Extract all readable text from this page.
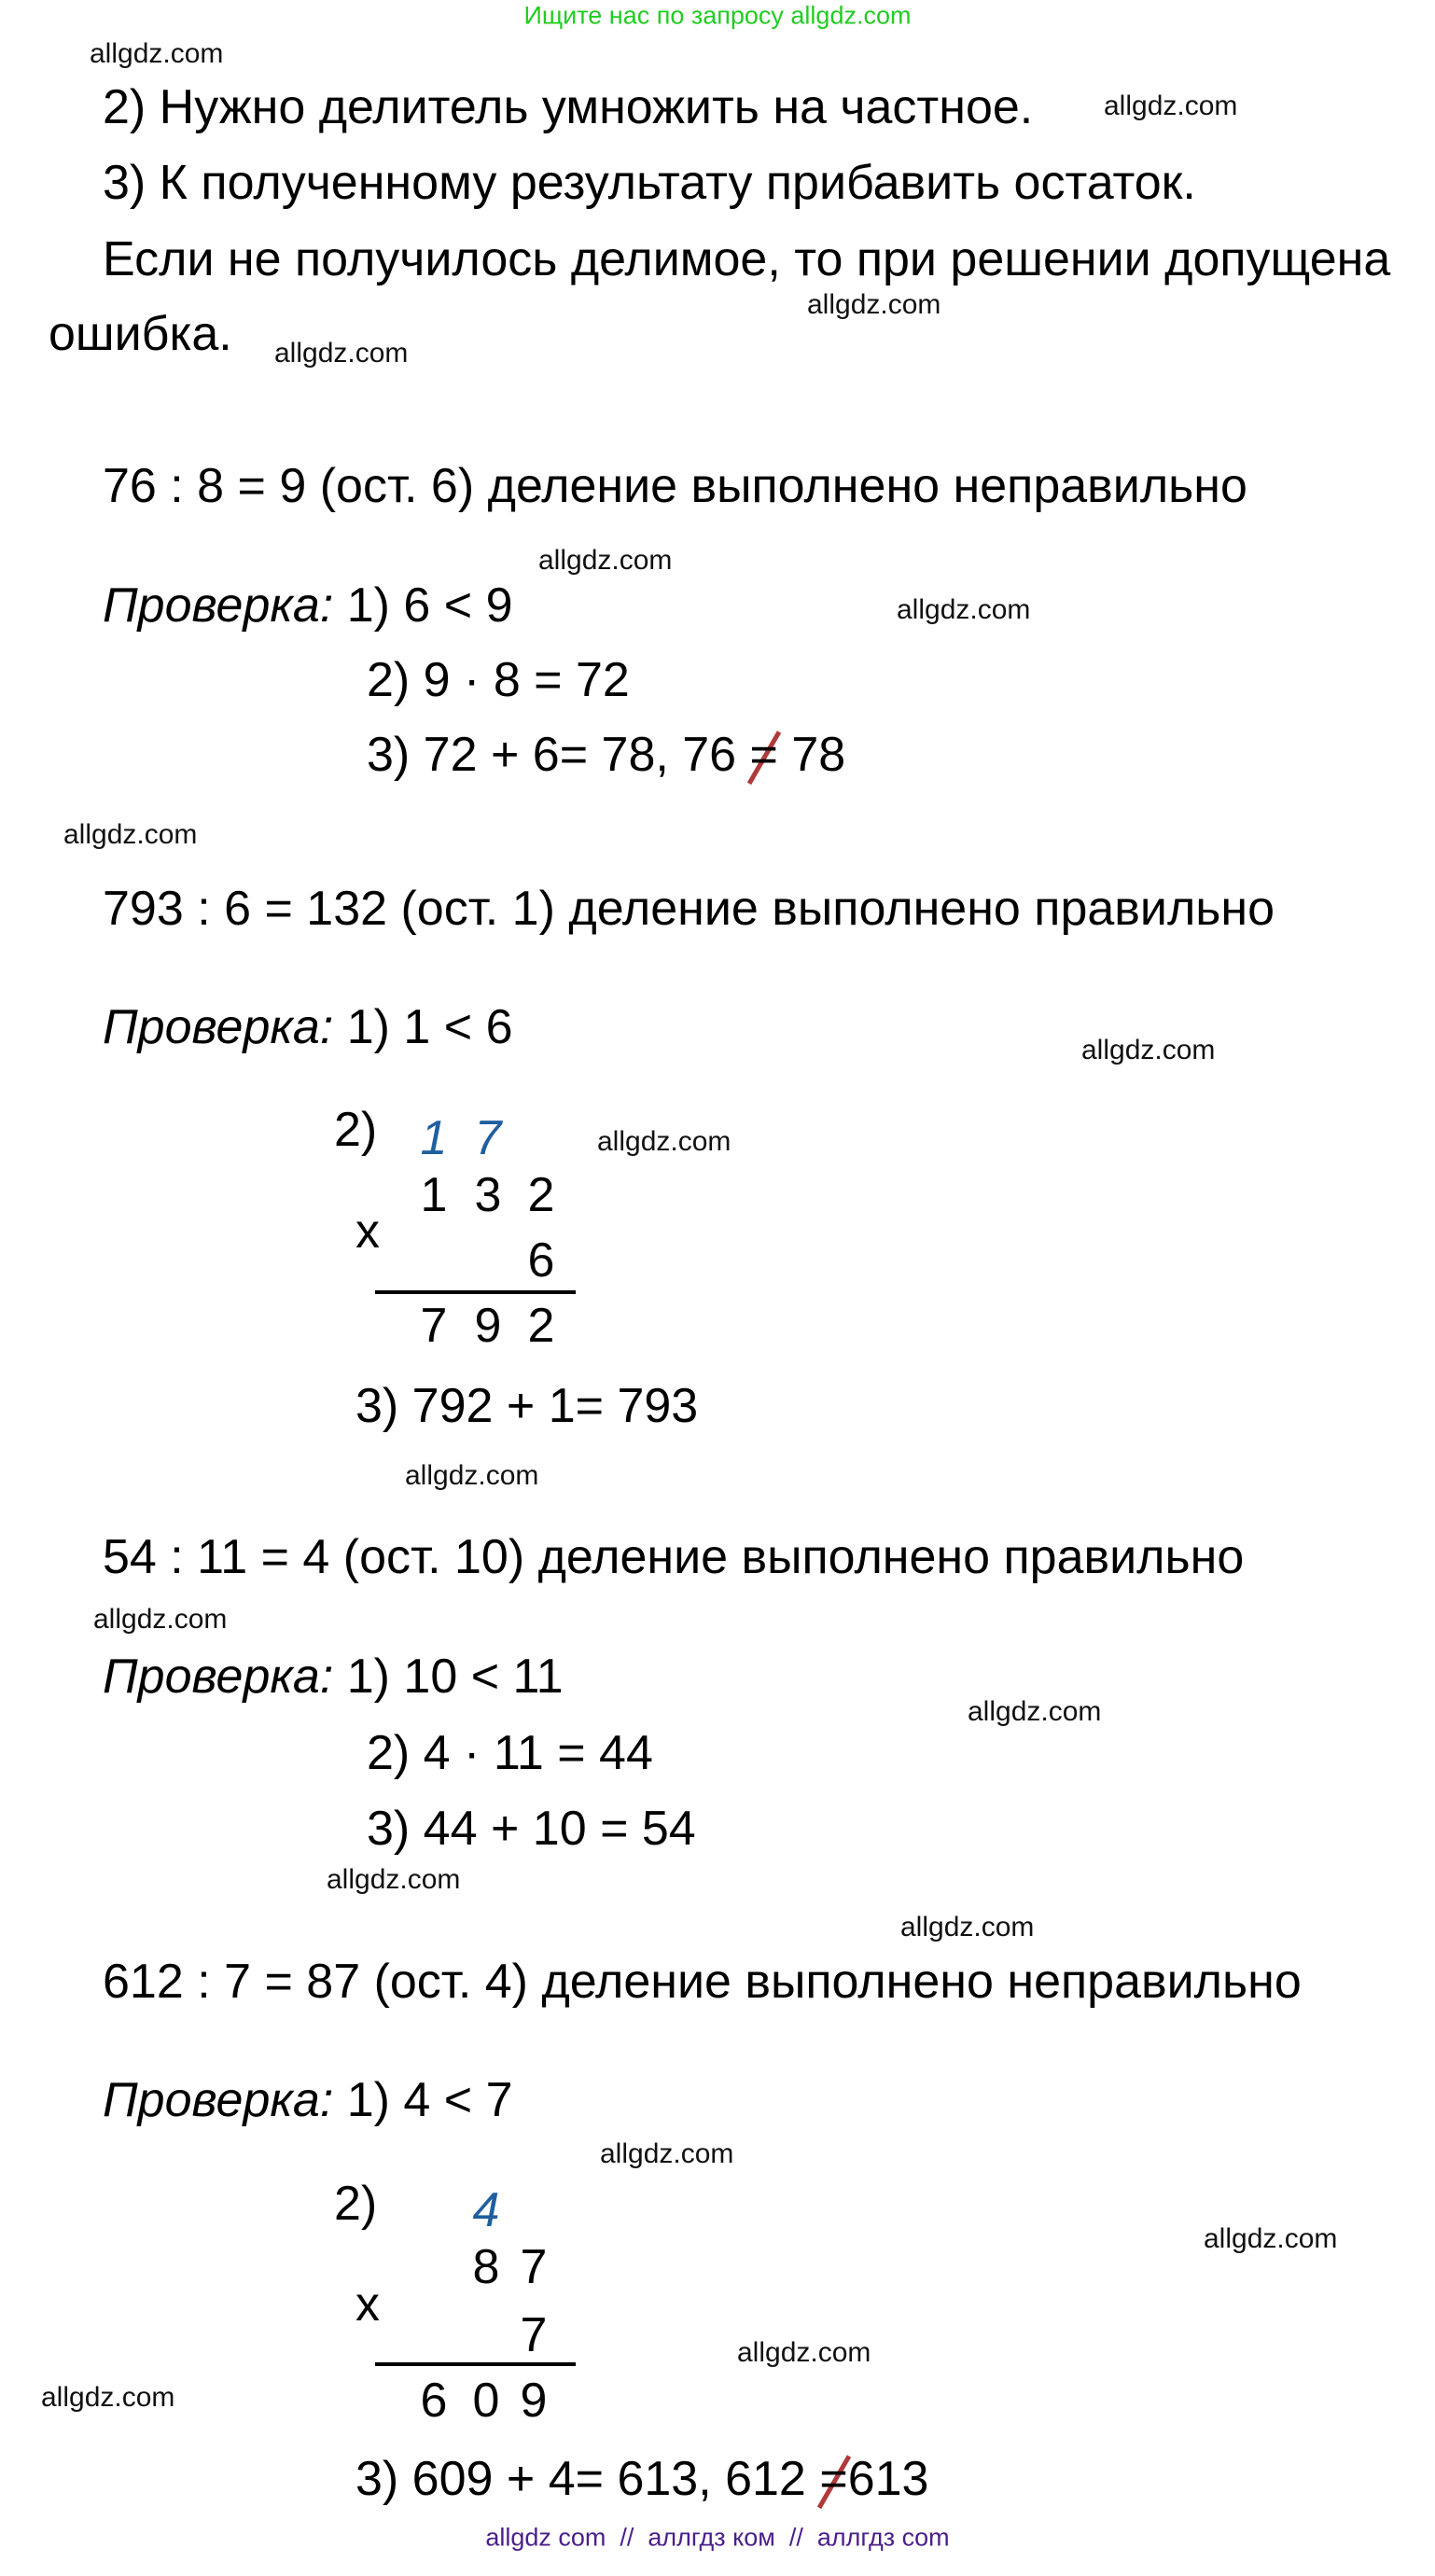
Ищите нас по запросу allgdz.com
allgdz.com
allgdz.com
allgdz.com
allgdz.com
allgdz.com
allgdz.com
allgdz.com
allgdz.com
allgdz.com
allgdz.com
allgdz.com
allgdz.com
allgdz.com
allgdz.com
allgdz.com
allgdz.com
allgdz.com
allgdz.com
2) Нужно делитель умножить на частное.
3) К полученному результату прибавить остаток.
Если не получилось делимое, то при решении допущена
ошибка.
76 : 8 = 9 (ост. 6) деление выполнено неправильно
Проверка: 1) 6 < 9
2) 9 · 8 = 72
3) 72 + 6= 78, 76
= 78
793 : 6 = 132 (ост. 1) деление выполнено правильно
Проверка: 1) 1 < 6
2) 1 7
1 3 2
x
6
7 9 2
3) 792 + 1= 793
54 : 11 = 4 (ост. 10) деление выполнено правильно
Проверка: 1) 10 < 11
2) 4 · 11 = 44
3) 44 + 10 = 54
612 : 7 = 87 (ост. 4) деление выполнено неправильно
Проверка: 1) 4 < 7
2) 4
8 7
x
7
6 0 9
3) 609 + 4= 613, 612
=613
allgdz com  //  аллгдз ком  //  аллгдз com
